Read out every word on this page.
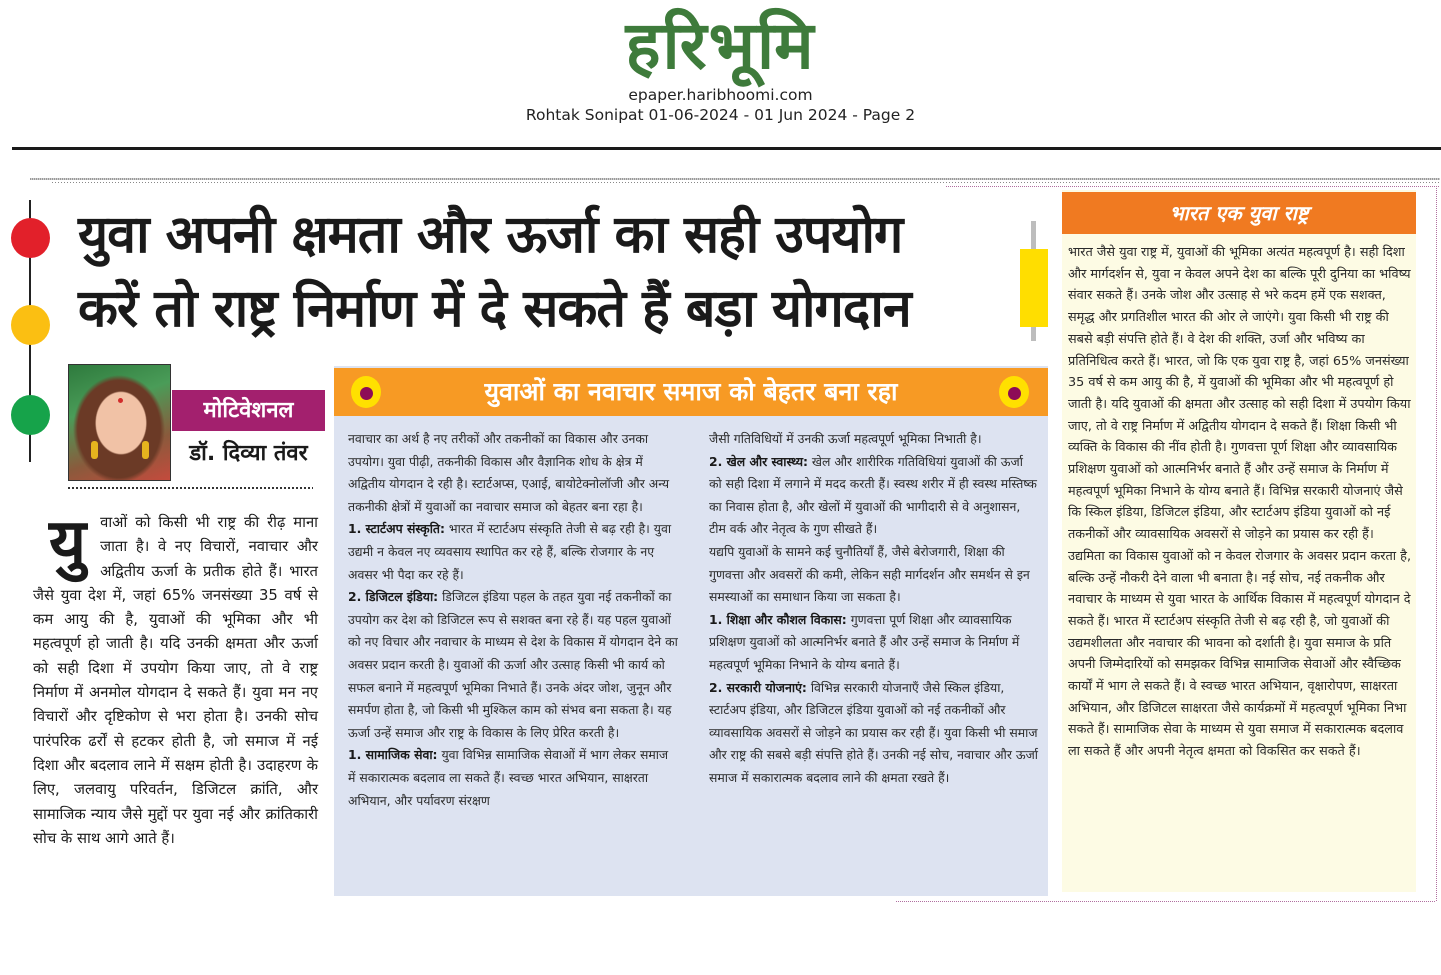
हरिभूमि
epaper.haribhoomi.com
Rohtak Sonipat 01-06-2024 - 01 Jun 2024 - Page 2
युवा अपनी क्षमता और ऊर्जा का सही उपयोग
करें तो राष्ट्र निर्माण में दे सकते हैं बड़ा योगदान
मोटिवेशनल
डॉ. दिव्या तंवर
यु वाओं को किसी भी राष्ट्र की रीढ़ माना जाता है। वे नए विचारों, नवाचार और अद्वितीय ऊर्जा के प्रतीक होते हैं। भारत जैसे युवा देश में, जहां 65% जनसंख्या 35 वर्ष से कम आयु की है, युवाओं की भूमिका और भी महत्वपूर्ण हो जाती है। यदि उनकी क्षमता और ऊर्जा को सही दिशा में उपयोग किया जाए, तो वे राष्ट्र निर्माण में अनमोल योगदान दे सकते हैं। युवा मन नए विचारों और दृष्टिकोण से भरा होता है। उनकी सोच पारंपरिक ढर्रों से हटकर होती है, जो समाज में नई दिशा और बदलाव लाने में सक्षम होती है। उदाहरण के लिए, जलवायु परिवर्तन, डिजिटल क्रांति, और सामाजिक न्याय जैसे मुद्दों पर युवा नई और क्रांतिकारी सोच के साथ आगे आते हैं।
युवाओं का नवाचार समाज को बेहतर बना रहा

नवाचार का अर्थ है नए तरीकों और तकनीकों का विकास और उनका उपयोग। युवा पीढ़ी, तकनीकी विकास और वैज्ञानिक शोध के क्षेत्र में अद्वितीय योगदान दे रही है। स्टार्टअप्स, एआई, बायोटेक्नोलॉजी और अन्य तकनीकी क्षेत्रों में युवाओं का नवाचार समाज को बेहतर बना रहा है।

1. स्टार्टअप संस्कृति: भारत में स्टार्टअप संस्कृति तेजी से बढ़ रही है। युवा उद्यमी न केवल नए व्यवसाय स्थापित कर रहे हैं, बल्कि रोजगार के नए अवसर भी पैदा कर रहे हैं।

2. डिजिटल इंडिया: डिजिटल इंडिया पहल के तहत युवा नई तकनीकों का उपयोग कर देश को डिजिटल रूप से सशक्त बना रहे हैं। यह पहल युवाओं को नए विचार और नवाचार के माध्यम से देश के विकास में योगदान देने का अवसर प्रदान करती है। युवाओं की ऊर्जा और उत्साह किसी भी कार्य को सफल बनाने में महत्वपूर्ण भूमिका निभाते हैं। उनके अंदर जोश, जुनून और समर्पण होता है, जो किसी भी मुश्किल काम को संभव बना सकता है। यह ऊर्जा उन्हें समाज और राष्ट्र के विकास के लिए प्रेरित करती है।

1. सामाजिक सेवा: युवा विभिन्न सामाजिक सेवाओं में भाग लेकर समाज में सकारात्मक बदलाव ला सकते हैं। स्वच्छ भारत अभियान, साक्षरता अभियान, और पर्यावरण संरक्षण

जैसी गतिविधियों में उनकी ऊर्जा महत्वपूर्ण भूमिका निभाती है।

2. खेल और स्वास्थ्य: खेल और शारीरिक गतिविधियां युवाओं की ऊर्जा को सही दिशा में लगाने में मदद करती हैं। स्वस्थ शरीर में ही स्वस्थ मस्तिष्क का निवास होता है, और खेलों में युवाओं की भागीदारी से वे अनुशासन, टीम वर्क और नेतृत्व के गुण सीखते हैं।

यद्यपि युवाओं के सामने कई चुनौतियाँ हैं, जैसे बेरोजगारी, शिक्षा की गुणवत्ता और अवसरों की कमी, लेकिन सही मार्गदर्शन और समर्थन से इन समस्याओं का समाधान किया जा सकता है।

1. शिक्षा और कौशल विकास: गुणवत्ता पूर्ण शिक्षा और व्यावसायिक प्रशिक्षण युवाओं को आत्मनिर्भर बनाते हैं और उन्हें समाज के निर्माण में महत्वपूर्ण भूमिका निभाने के योग्य बनाते हैं।

2. सरकारी योजनाएं: विभिन्न सरकारी योजनाएँ जैसे स्किल इंडिया, स्टार्टअप इंडिया, और डिजिटल इंडिया युवाओं को नई तकनीकों और व्यावसायिक अवसरों से जोड़ने का प्रयास कर रही हैं। युवा किसी भी समाज और राष्ट्र की सबसे बड़ी संपत्ति होते हैं। उनकी नई सोच, नवाचार और ऊर्जा समाज में सकारात्मक बदलाव लाने की क्षमता रखते हैं।

भारत एक युवा राष्ट्र
भारत जैसे युवा राष्ट्र में, युवाओं की भूमिका अत्यंत महत्वपूर्ण है। सही दिशा और मार्गदर्शन से, युवा न केवल अपने देश का बल्कि पूरी दुनिया का भविष्य संवार सकते हैं। उनके जोश और उत्साह से भरे कदम हमें एक सशक्त, समृद्ध और प्रगतिशील भारत की ओर ले जाएंगे। युवा किसी भी राष्ट्र की सबसे बड़ी संपत्ति होते हैं। वे देश की शक्ति, उर्जा और भविष्य का प्रतिनिधित्व करते हैं। भारत, जो कि एक युवा राष्ट्र है, जहां 65% जनसंख्या 35 वर्ष से कम आयु की है, में युवाओं की भूमिका और भी महत्वपूर्ण हो जाती है। यदि युवाओं की क्षमता और उत्साह को सही दिशा में उपयोग किया जाए, तो वे राष्ट्र निर्माण में अद्वितीय योगदान दे सकते हैं। शिक्षा किसी भी व्यक्ति के विकास की नींव होती है। गुणवत्ता पूर्ण शिक्षा और व्यावसायिक प्रशिक्षण युवाओं को आत्मनिर्भर बनाते हैं और उन्हें समाज के निर्माण में महत्वपूर्ण भूमिका निभाने के योग्य बनाते हैं। विभिन्न सरकारी योजनाएं जैसे कि स्किल इंडिया, डिजिटल इंडिया, और स्टार्टअप इंडिया युवाओं को नई तकनीकों और व्यावसायिक अवसरों से जोड़ने का प्रयास कर रही हैं। उद्यमिता का विकास युवाओं को न केवल रोजगार के अवसर प्रदान करता है, बल्कि उन्हें नौकरी देने वाला भी बनाता है। नई सोच, नई तकनीक और नवाचार के माध्यम से युवा भारत के आर्थिक विकास में महत्वपूर्ण योगदान दे सकते हैं। भारत में स्टार्टअप संस्कृति तेजी से बढ़ रही है, जो युवाओं की उद्यमशीलता और नवाचार की भावना को दर्शाती है। युवा समाज के प्रति अपनी जिम्मेदारियों को समझकर विभिन्न सामाजिक सेवाओं और स्वैच्छिक कार्यों में भाग ले सकते हैं। वे स्वच्छ भारत अभियान, वृक्षारोपण, साक्षरता अभियान, और डिजिटल साक्षरता जैसे कार्यक्रमों में महत्वपूर्ण भूमिका निभा सकते हैं। सामाजिक सेवा के माध्यम से युवा समाज में सकारात्मक बदलाव ला सकते हैं और अपनी नेतृत्व क्षमता को विकसित कर सकते हैं।
